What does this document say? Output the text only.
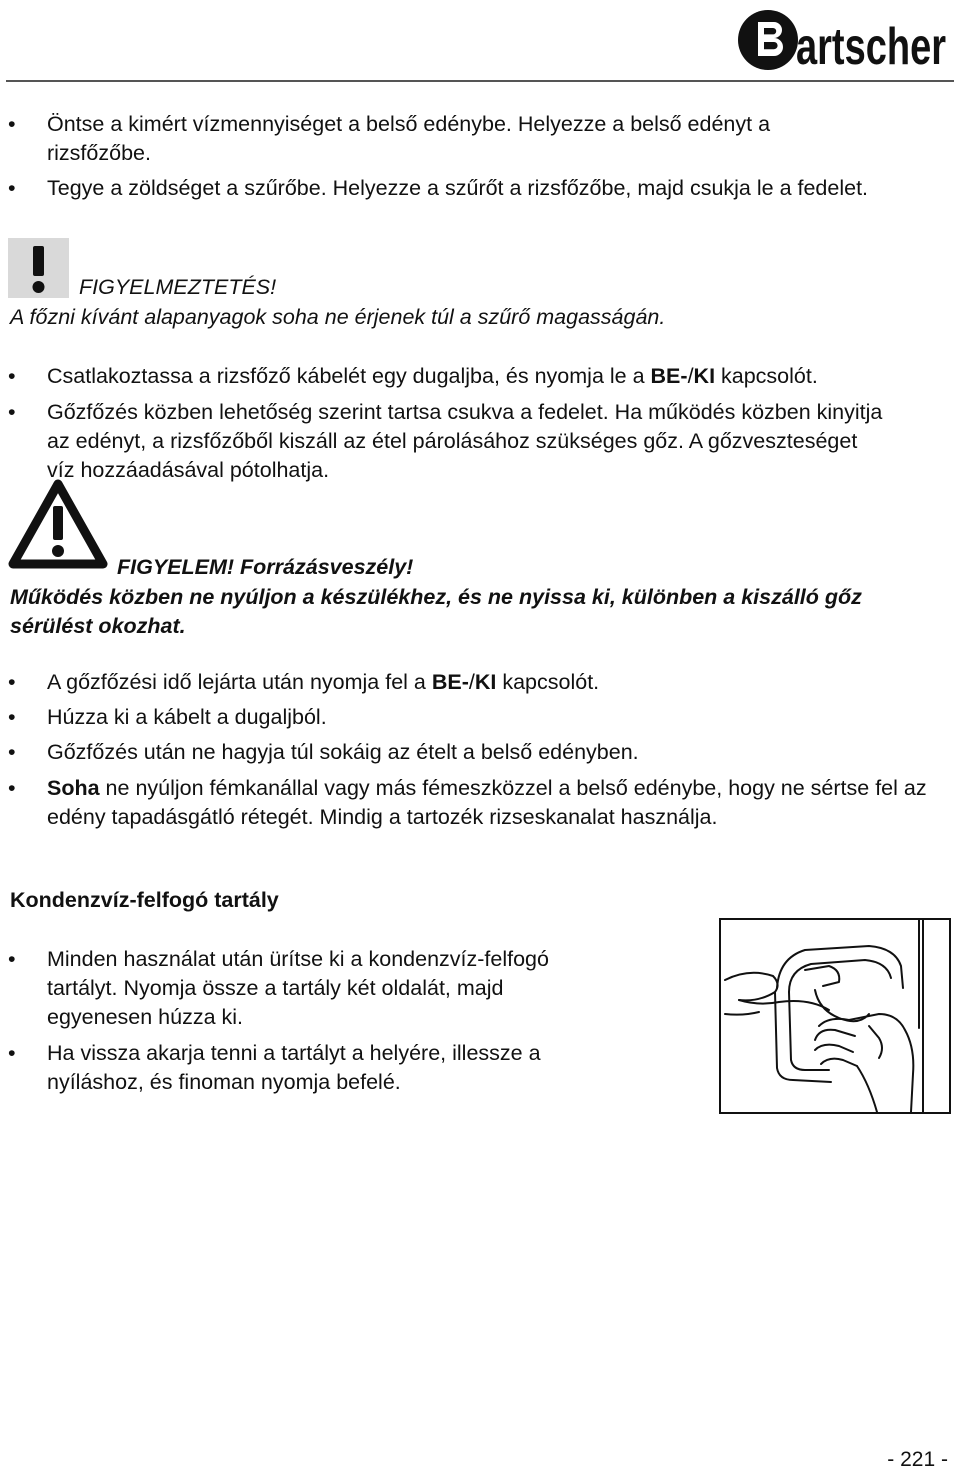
artscher
• Öntse a kimért vízmennyiséget a belső edénybe. Helyezze a belső edényt a rizsfőzőbe.
• Tegye a zöldséget a szűrőbe. Helyezze a szűrőt a rizsfőzőbe, majd csukja le a fedelet.
FIGYELMEZTETÉS!
A főzni kívánt alapanyagok soha ne érjenek túl a szűrő magasságán.
• Csatlakoztassa a rizsfőző kábelét egy dugaljba, és nyomja le a BE-/KI kapcsolót.
• Gőzfőzés közben lehetőség szerint tartsa csukva a fedelet. Ha működés közben kinyitja az edényt, a rizsfőzőből kiszáll az étel párolásához szükséges gőz. A gőzveszteséget víz hozzáadásával pótolhatja.
FIGYELEM! Forrázásveszély!
Működés közben ne nyúljon a készülékhez, és ne nyissa ki, különben a kiszálló gőz sérülést okozhat.
• A gőzfőzési idő lejárta után nyomja fel a BE-/KI kapcsolót.
• Húzza ki a kábelt a dugaljból.
• Gőzfőzés után ne hagyja túl sokáig az ételt a belső edényben.
• Soha ne nyúljon fémkanállal vagy más fémeszközzel a belső edénybe, hogy ne sértse fel az edény tapadásgátló rétegét. Mindig a tartozék rizseskanalat használja.
Kondenzvíz-felfogó tartály
• Minden használat után ürítse ki a kondenzvíz-felfogó tartályt. Nyomja össze a tartály két oldalát, majd egyenesen húzza ki.
• Ha vissza akarja tenni a tartályt a helyére, illessze a nyíláshoz, és finoman nyomja befelé.
- 221 -
